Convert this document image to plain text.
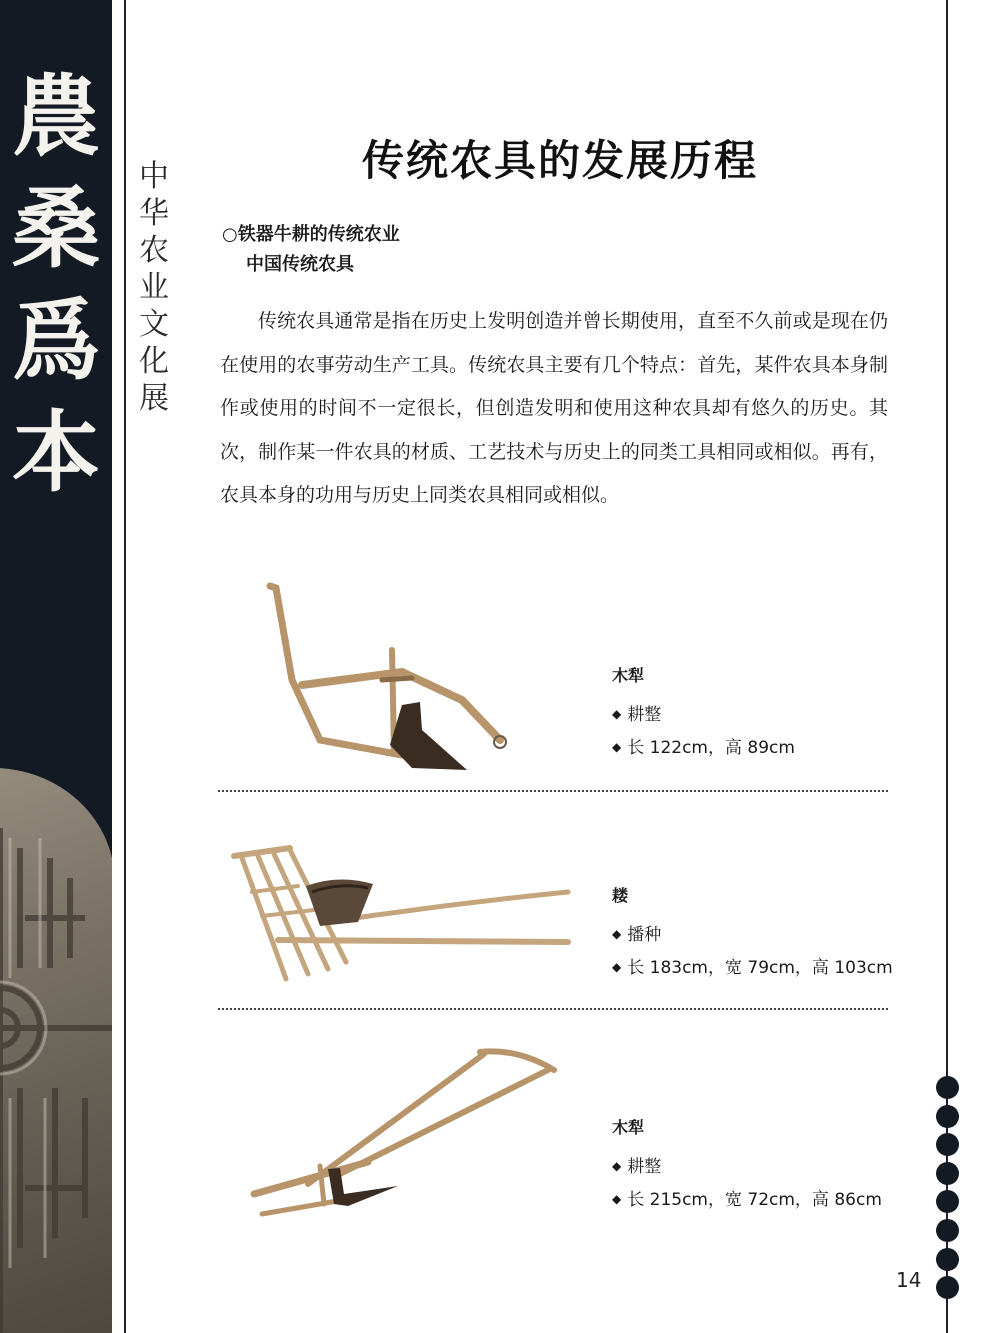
農
桑
爲
本
中
华
农
业
文
化
展
传统农具的发展历程
○铁器牛耕的传统农业
中国传统农具
传统农具通常是指在历史上发明创造并曾长期使用，直至不久前或是现在仍在使用的农事劳动生产工具。传统农具主要有几个特点：首先，某件农具本身制作或使用的时间不一定很长，但创造发明和使用这种农具却有悠久的历史。其次，制作某一件农具的材质、工艺技术与历史上的同类工具相同或相似。再有，农具本身的功用与历史上同类农具相同或相似。
木犁
◆ 耕整
◆ 长 122cm，高 89cm
耧
◆ 播种
◆ 长 183cm，宽 79cm，高 103cm
木犁
◆ 耕整
◆ 长 215cm，宽 72cm，高 86cm
14
